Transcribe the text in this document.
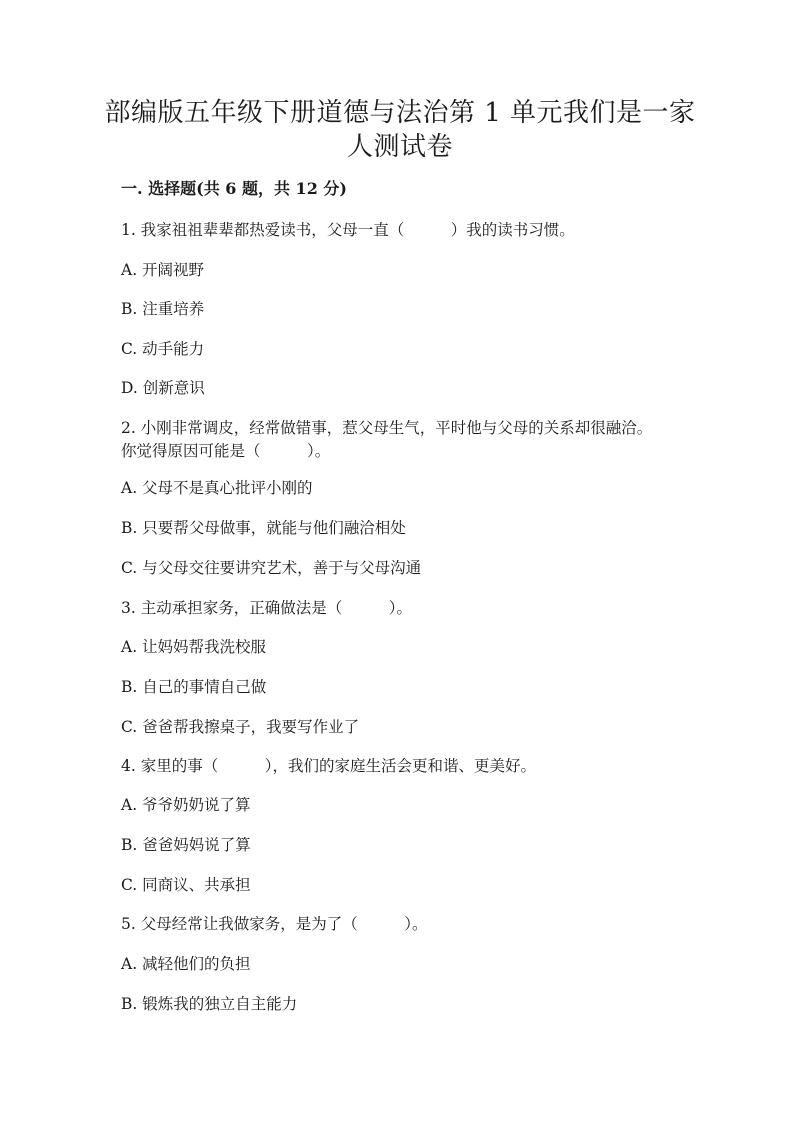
部编版五年级下册道德与法治第 1 单元我们是一家
人测试卷
一. 选择题(共 6 题，共 12 分)

1. 我家祖祖辈辈都热爱读书，父母一直（　　　）我的读书习惯。

A. 开阔视野

B. 注重培养

C. 动手能力

D. 创新意识

2. 小刚非常调皮，经常做错事，惹父母生气，平时他与父母的关系却很融洽。

你觉得原因可能是（　　　）。

A. 父母不是真心批评小刚的

B. 只要帮父母做事，就能与他们融洽相处

C. 与父母交往要讲究艺术，善于与父母沟通

3. 主动承担家务，正确做法是（　　　）。

A. 让妈妈帮我洗校服

B. 自己的事情自己做

C. 爸爸帮我擦桌子，我要写作业了

4. 家里的事（　　　），我们的家庭生活会更和谐、更美好。

A. 爷爷奶奶说了算

B. 爸爸妈妈说了算

C. 同商议、共承担

5. 父母经常让我做家务，是为了（　　　）。

A. 减轻他们的负担

B. 锻炼我的独立自主能力
